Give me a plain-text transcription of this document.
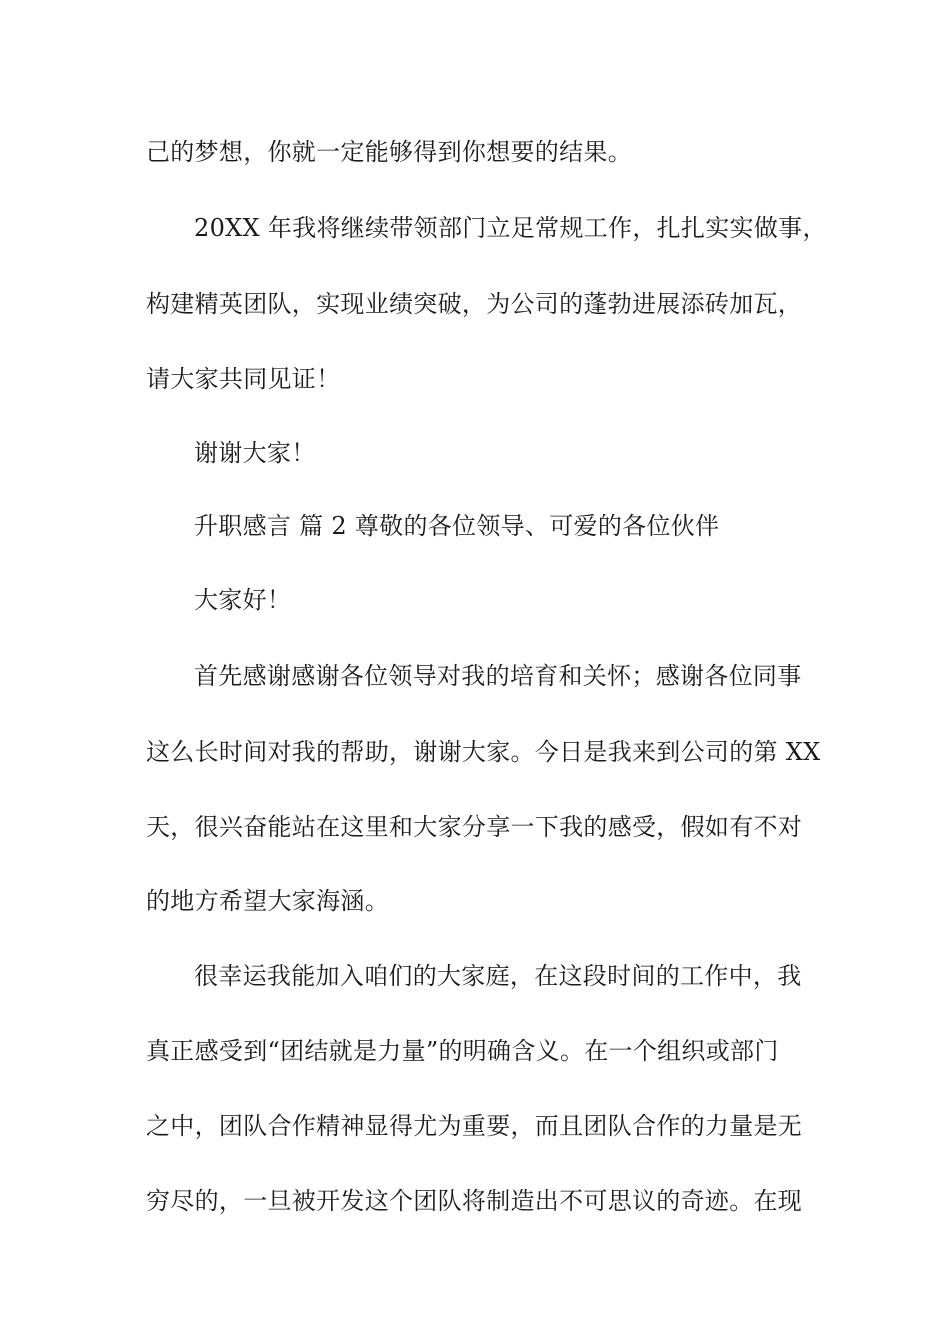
己的梦想，你就一定能够得到你想要的结果。
20XX 年我将继续带领部门立足常规工作，扎扎实实做事，
构建精英团队，实现业绩突破，为公司的蓬勃进展添砖加瓦，
请大家共同见证！
谢谢大家！
升职感言 篇 2 尊敬的各位领导、可爱的各位伙伴
大家好！
首先感谢感谢各位领导对我的培育和关怀；感谢各位同事
这么长时间对我的帮助，谢谢大家。今日是我来到公司的第 XX
天，很兴奋能站在这里和大家分享一下我的感受，假如有不对
的地方希望大家海涵。
很幸运我能加入咱们的大家庭，在这段时间的工作中，我
真正感受到“团结就是力量”的明确含义。在一个组织或部门
之中，团队合作精神显得尤为重要，而且团队合作的力量是无
穷尽的，一旦被开发这个团队将制造出不可思议的奇迹。在现
